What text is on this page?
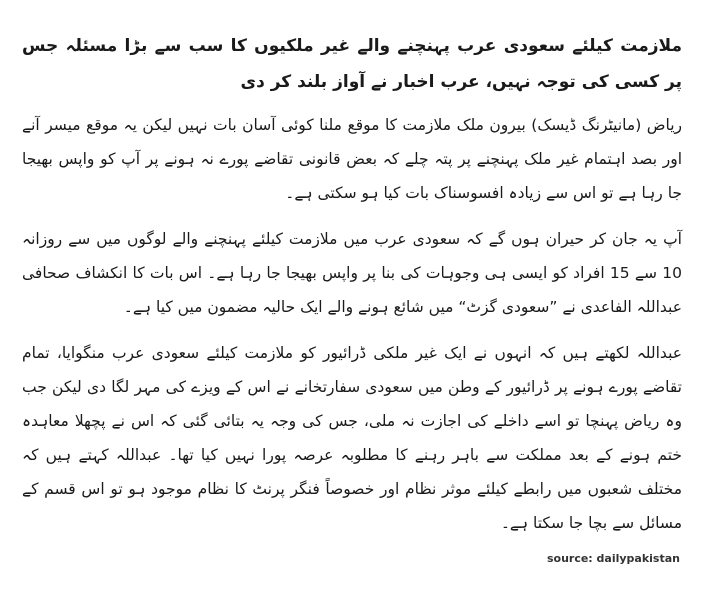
ملازمت کیلئے سعودی عرب پہنچنے والے غیر ملکیوں کا سب سے بڑا مسئلہ جس پر کسی کی توجہ نہیں، عرب اخبار نے آواز بلند کر دی

ریاض (مانیٹرنگ ڈیسک) بیرون ملک ملازمت کا موقع ملنا کوئی آسان بات نہیں لیکن یہ موقع میسر آنے اور بصد اہتمام غیر ملک پہنچنے پر پتہ چلے کہ بعض قانونی تقاضے پورے نہ ہونے پر آپ کو واپس بھیجا جا رہا ہے تو اس سے زیادہ افسوسناک بات کیا ہو سکتی ہے۔

آپ یہ جان کر حیران ہوں گے کہ سعودی عرب میں ملازمت کیلئے پہنچنے والے لوگوں میں سے روزانہ 10 سے 15 افراد کو ایسی ہی وجوہات کی بنا پر واپس بھیجا جا رہا ہے۔ اس بات کا انکشاف صحافی عبداللہ الفاعدی نے ”سعودی گزٹ“ میں شائع ہونے والے ایک حالیہ مضمون میں کیا ہے۔

عبداللہ لکھتے ہیں کہ انہوں نے ایک غیر ملکی ڈرائیور کو ملازمت کیلئے سعودی عرب منگوایا، تمام تقاضے پورے ہونے پر ڈرائیور کے وطن میں سعودی سفارتخانے نے اس کے ویزے کی مہر لگا دی لیکن جب وہ ریاض پہنچا تو اسے داخلے کی اجازت نہ ملی، جس کی وجہ یہ بتائی گئی کہ اس نے پچھلا معاہدہ ختم ہونے کے بعد مملکت سے باہر رہنے کا مطلوبہ عرصہ پورا نہیں کیا تھا۔ عبداللہ کہتے ہیں کہ مختلف شعبوں میں رابطے کیلئے موثر نظام اور خصوصاً فنگر پرنٹ کا نظام موجود ہو تو اس قسم کے مسائل سے بچا جا سکتا ہے۔

source: dailypakistan
